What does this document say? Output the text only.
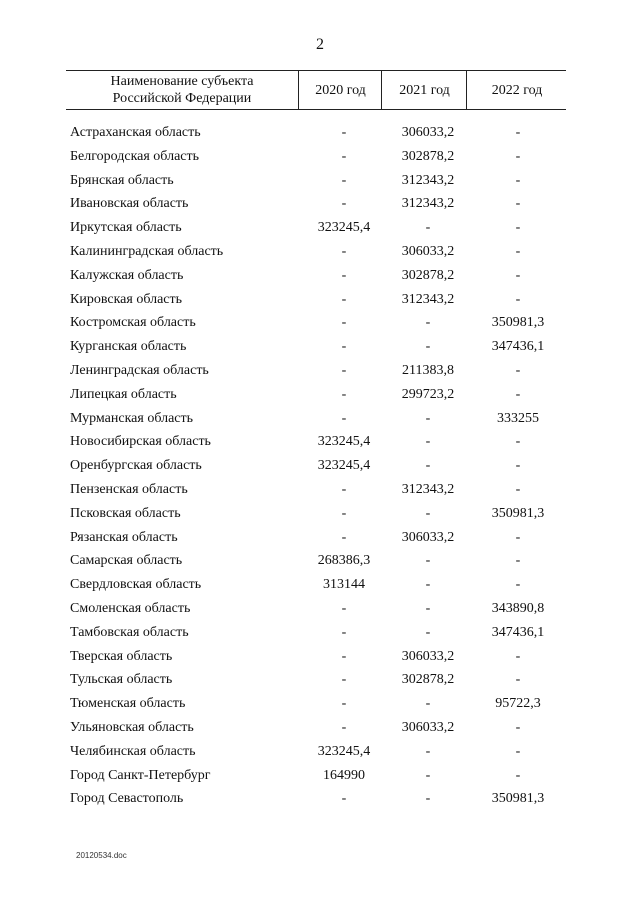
2
Наименование субъекта
Российской Федерации
2020 год	2021 год	2022 год
Астраханская область	-	306033,2	-
Белгородская область	-	302878,2	-
Брянская область	-	312343,2	-
Ивановская область	-	312343,2	-
Иркутская область	323245,4	-	-
Калининградская область	-	306033,2	-
Калужская область	-	302878,2	-
Кировская область	-	312343,2	-
Костромская область	-	-	350981,3
Курганская область	-	-	347436,1
Ленинградская область	-	211383,8	-
Липецкая область	-	299723,2	-
Мурманская область	-	-	333255
Новосибирская область	323245,4	-	-
Оренбургская область	323245,4	-	-
Пензенская область	-	312343,2	-
Псковская область	-	-	350981,3
Рязанская область	-	306033,2	-
Самарская область	268386,3	-	-
Свердловская область	313144	-	-
Смоленская область	-	-	343890,8
Тамбовская область	-	-	347436,1
Тверская область	-	306033,2	-
Тульская область	-	302878,2	-
Тюменская область	-	-	95722,3
Ульяновская область	-	306033,2	-
Челябинская область	323245,4	-	-
Город Санкт-Петербург	164990	-	-
Город Севастополь	-	-	350981,3
20120534.doc
